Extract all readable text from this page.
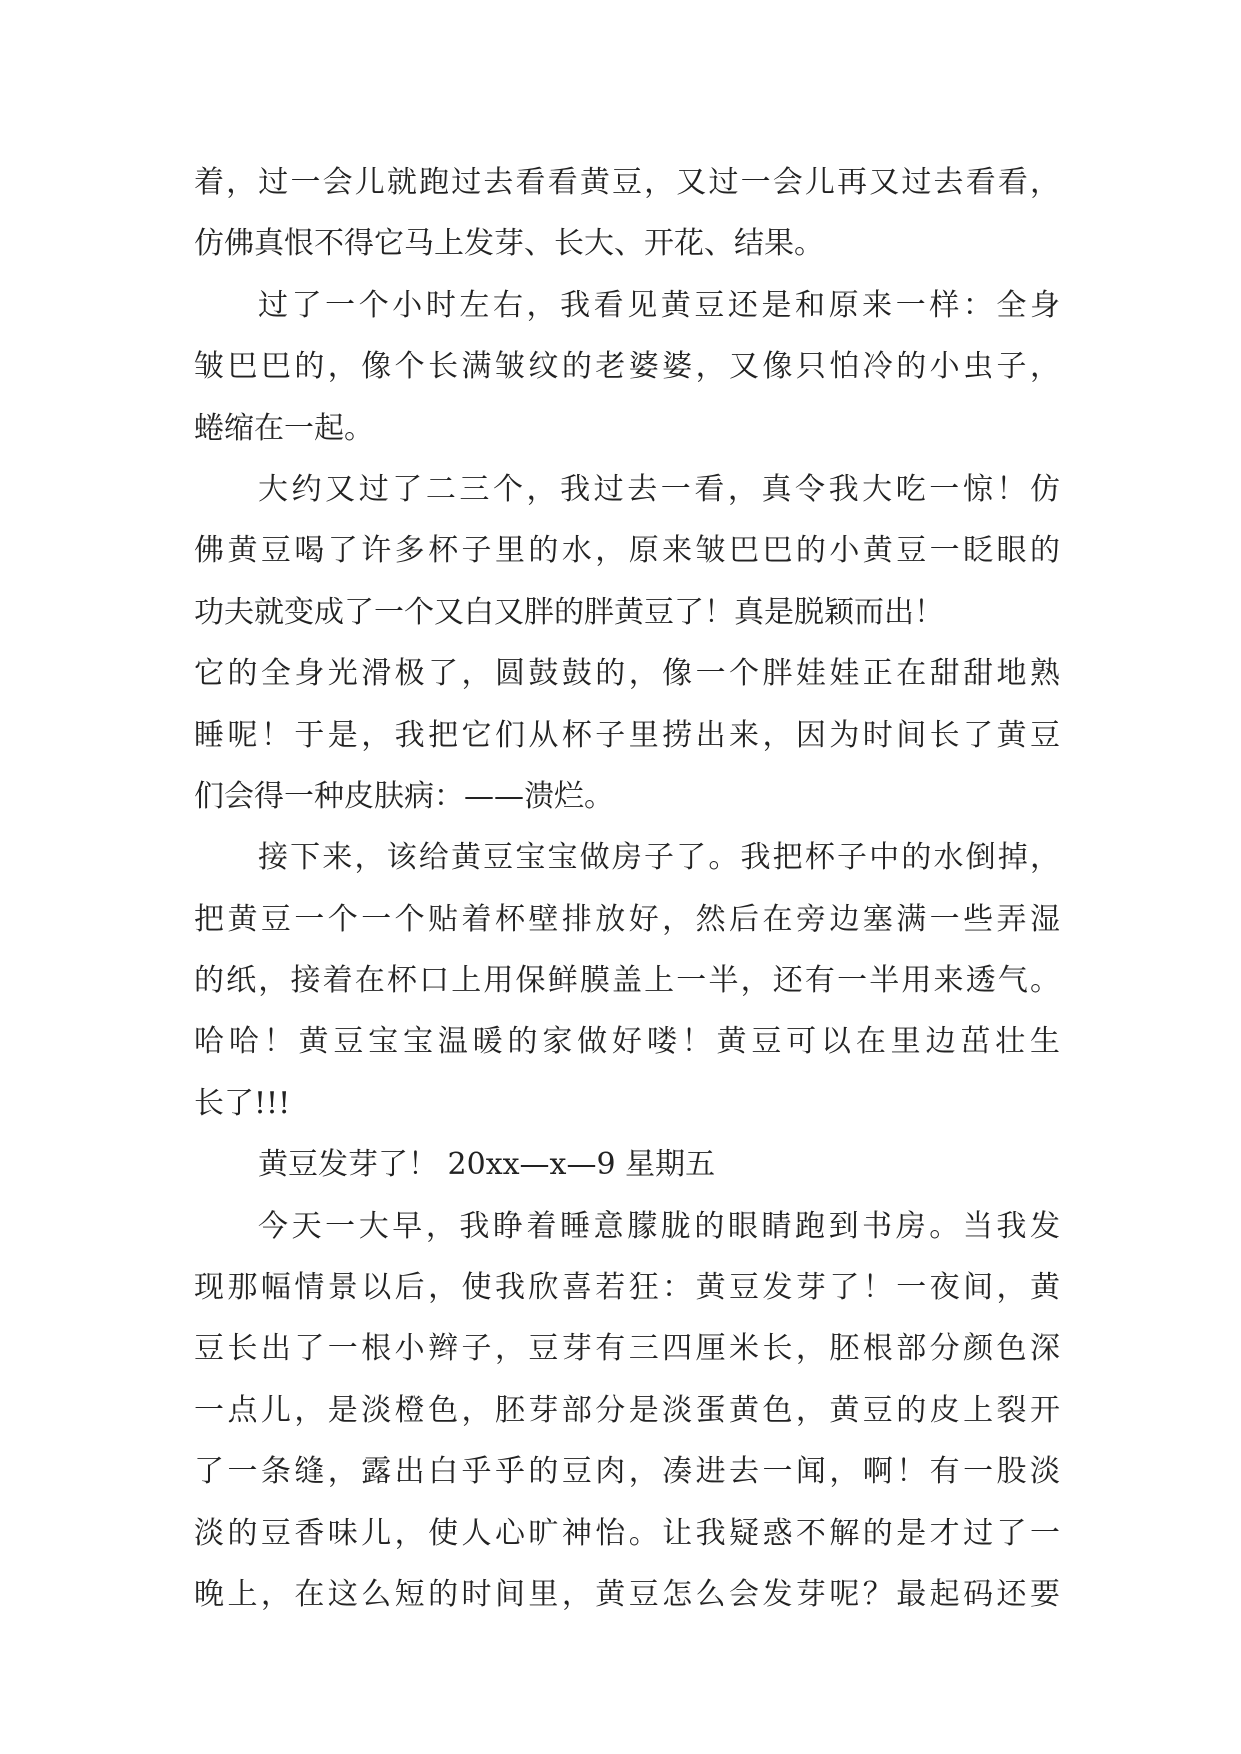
着，过一会儿就跑过去看看黄豆，又过一会儿再又过去看看，
仿佛真恨不得它马上发芽、长大、开花、结果。
过了一个小时左右，我看见黄豆还是和原来一样：全身
皱巴巴的，像个长满皱纹的老婆婆，又像只怕冷的小虫子，
蜷缩在一起。
大约又过了二三个，我过去一看，真令我大吃一惊！仿
佛黄豆喝了许多杯子里的水，原来皱巴巴的小黄豆一眨眼的
功夫就变成了一个又白又胖的胖黄豆了！真是脱颖而出！
它的全身光滑极了，圆鼓鼓的，像一个胖娃娃正在甜甜地熟
睡呢！于是，我把它们从杯子里捞出来，因为时间长了黄豆
们会得一种皮肤病：——溃烂。
接下来，该给黄豆宝宝做房子了。我把杯子中的水倒掉，
把黄豆一个一个贴着杯壁排放好，然后在旁边塞满一些弄湿
的纸，接着在杯口上用保鲜膜盖上一半，还有一半用来透气。
哈哈！黄豆宝宝温暖的家做好喽！黄豆可以在里边茁壮生
长了!!!
黄豆发芽了！ 20xx—x—9 星期五
今天一大早，我睁着睡意朦胧的眼睛跑到书房。当我发
现那幅情景以后，使我欣喜若狂：黄豆发芽了！一夜间，黄
豆长出了一根小辫子，豆芽有三四厘米长，胚根部分颜色深
一点儿，是淡橙色，胚芽部分是淡蛋黄色，黄豆的皮上裂开
了一条缝，露出白乎乎的豆肉，凑进去一闻，啊！有一股淡
淡的豆香味儿，使人心旷神怡。让我疑惑不解的是才过了一
晚上，在这么短的时间里，黄豆怎么会发芽呢？最起码还要
